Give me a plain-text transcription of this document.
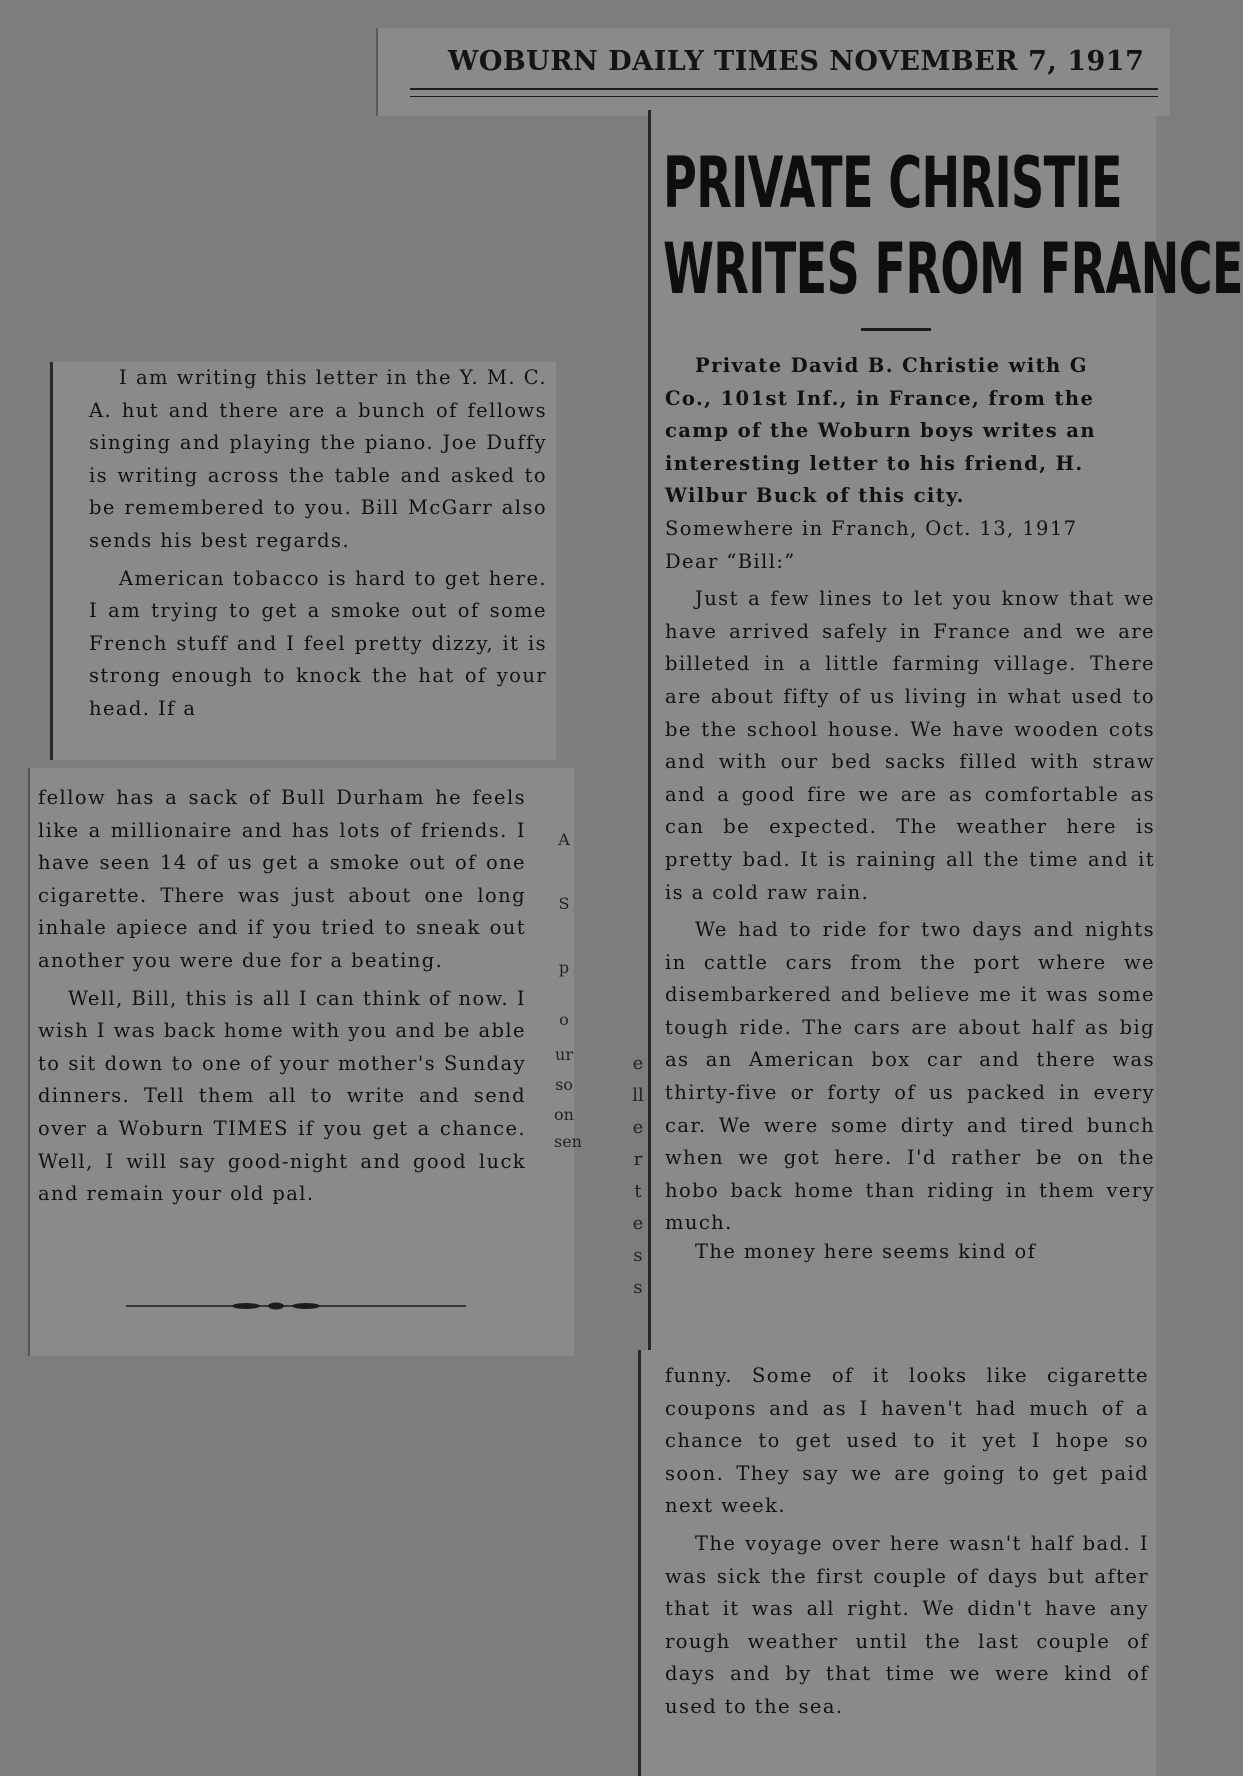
WOBURN DAILY TIMES NOVEMBER 7, 1917
PRIVATE CHRISTIE
WRITES FROM FRANCE

Private David B. Christie with G

Co., 101st Inf., in France, from the

camp of the Woburn boys writes an

interesting letter to his friend, H.

Wilbur Buck of this city.

Somewhere in Franch, Oct. 13, 1917

Dear “Bill:”

Just a few lines to let you know that we have arrived safely in France and we are billeted in a little farming village. There are about fifty of us living in what used to be the school house. We have wooden cots and with our bed sacks filled with straw and a good fire we are as comfortable as can be expected. The weather here is pretty bad. It is raining all the time and it is a cold raw rain.

We had to ride for two days and nights in cattle cars from the port where we disembarkered and believe me it was some tough ride. The cars are about half as big as an American box car and there was thirty-five or forty of us packed in every car. We were some dirty and tired bunch when we got here. I'd rather be on the hobo back home than riding in them very much.

The money here seems kind of

funny. Some of it looks like cigarette coupons and as I haven't had much of a chance to get used to it yet I hope so soon. They say we are going to get paid next week.

The voyage over here wasn't half bad. I was sick the first couple of days but after that it was all right. We didn't have any rough weather until the last couple of days and by that time we were kind of used to the sea.

I am writing this letter in the Y. M. C. A. hut and there are a bunch of fellows singing and playing the piano. Joe Duffy is writing across the table and asked to be remembered to you. Bill McGarr also sends his best regards.

American tobacco is hard to get here. I am trying to get a smoke out of some French stuff and I feel pretty dizzy, it is strong enough to knock the hat of your head. If a

fellow has a sack of Bull Durham he feels like a millionaire and has lots of friends. I have seen 14 of us get a smoke out of one cigarette. There was just about one long inhale apiece and if you tried to sneak out another you were due for a beating.

Well, Bill, this is all I can think of now. I wish I was back home with you and be able to sit down to one of your mother's Sunday dinners. Tell them all to write and send over a Woburn TIMES if you get a chance. Well, I will say good-night and good luck and remain your old pal.

A
S
p
o
ur
so
on
sen
e
ll
e
r
t
e
s
s
